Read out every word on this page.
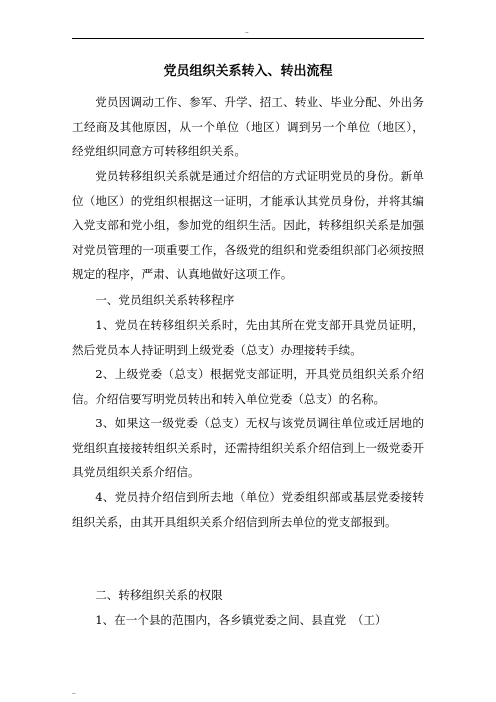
..
党员组织关系转入、转出流程
党员因调动工作、参军、升学、招工、转业、毕业分配、外出务工经商及其他原因，从一个单位（地区）调到另一个单位（地区），经党组织同意方可转移组织关系。
党员转移组织关系就是通过介绍信的方式证明党员的身份。新单位（地区）的党组织根据这一证明，才能承认其党员身份，并将其编入党支部和党小组，参加党的组织生活。因此，转移组织关系是加强对党员管理的一项重要工作，各级党的组织和党委组织部门必须按照规定的程序，严肃、认真地做好这项工作。
一、党员组织关系转移程序
1、党员在转移组织关系时，先由其所在党支部开具党员证明，然后党员本人持证明到上级党委（总支）办理接转手续。
2、上级党委（总支）根据党支部证明，开具党员组织关系介绍信。介绍信要写明党员转出和转入单位党委（总支）的名称。
3、如果这一级党委（总支）无权与该党员调往单位或迁居地的党组织直接接转组织关系时，还需持组织关系介绍信到上一级党委开具党员组织关系介绍信。
4、党员持介绍信到所去地（单位）党委组织部或基层党委接转组织关系，由其开具组织关系介绍信到所去单位的党支部报到。
二、转移组织关系的权限
1、在一个县的范围内，各乡镇党委之间、县直党　（工）
..
